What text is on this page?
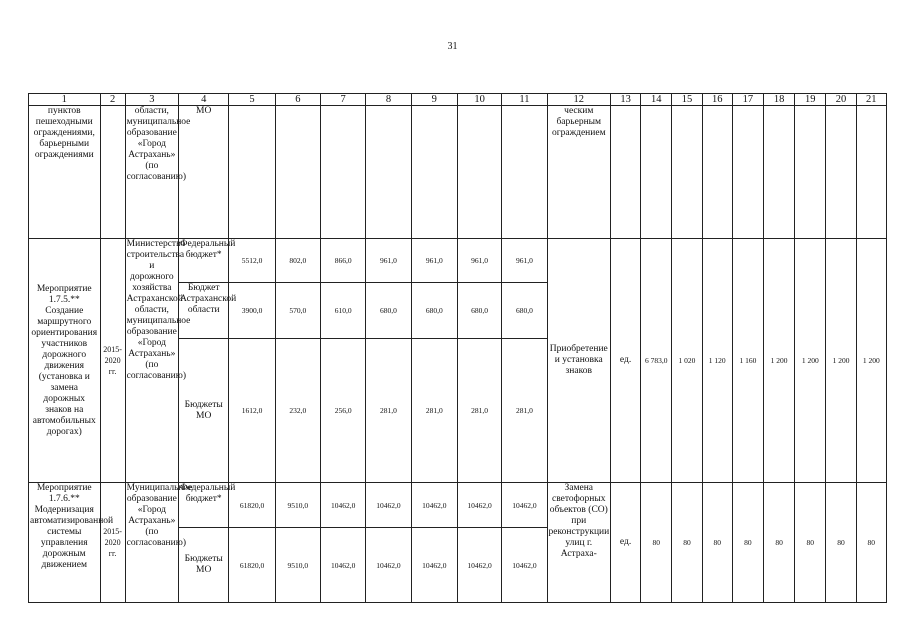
31
1	2	3	4	5	6	7	8	9	10	11	12	13	14	15	16	17	18	19	20	21
пунктов пешеходными ограждениями, барьерными ограждениями		области, муниципальное образование «Город Астрахань» (по согласованию)	МО								ческим барьерным ограждением									
Мероприятие 1.7.5.** Создание маршрутного ориентирования участников дорожного движения (установка и замена дорожных знаков на автомобильных дорогах)	2015-2020 гг.	Министерство строительства и дорожного хозяйства Астраханской области, муниципальное образование «Город Астрахань» (по согласованию)	Федеральный бюджет*	5512,0	802,0	866,0	961,0	961,0	961,0	961,0	Приобретение и установка знаков	ед.	6 783,0	1 020	1 120	1 160	1 200	1 200	1 200	1 200
			Бюджет Астраханской области	3900,0	570,0	610,0	680,0	680,0	680,0	680,0										
			Бюджеты МО	1612,0	232,0	256,0	281,0	281,0	281,0	281,0										
Мероприятие 1.7.6.** Модернизация автоматизированной системы управления дорожным движением	2015-2020 гг.	Муниципальное образование «Город Астрахань» (по согласованию)	Федеральный бюджет*	61820,0	9510,0	10462,0	10462,0	10462,0	10462,0	10462,0	Замена светофорных объектов (СО) при реконструкции улиц г. Астраха-	ед.	80	80	80	80	80	80	80	80
			Бюджеты МО	61820,0	9510,0	10462,0	10462,0	10462,0	10462,0	10462,0										
